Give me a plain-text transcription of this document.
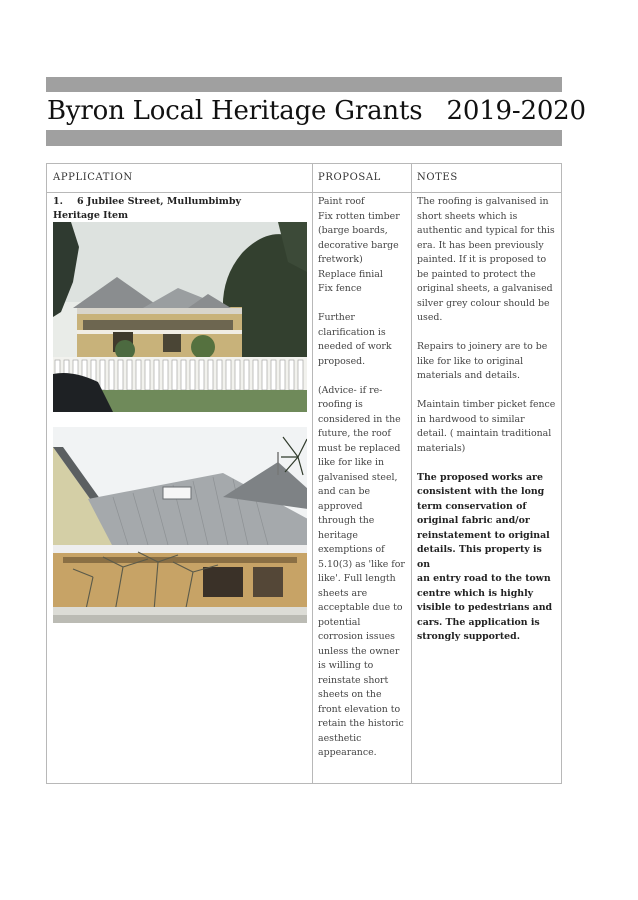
Byron Local Heritage Grants   2019-2020
APPLICATION	PROPOSAL	NOTES
1. 6 Jubilee Street, Mullumbimby
Heritage Item

Paint roof
Fix rotten timber
(barge boards,
decorative barge
fretwork)
Replace finial
Fix fence

Further
clarification is
needed of work
proposed.

(Advice- if re-
roofing is
considered in the
future, the roof
must be replaced
like for like in
galvanised steel,
and can be
approved
through the
heritage
exemptions of
5.10(3) as 'like for
like'. Full length
sheets are
acceptable due to
potential
corrosion issues
unless the owner
is willing to
reinstate short
sheets on the
front elevation to
retain the historic
aesthetic
appearance.

The roofing is galvanised in
short sheets which is
authentic and typical for this
era. It has been previously
painted. If it is proposed to
be painted to protect the
original sheets, a galvanised
silver grey colour should be
used.

Repairs to joinery are to be
like for like to original
materials and details.

Maintain timber picket fence
in hardwood to similar
detail. ( maintain traditional
materials)

The proposed works are
consistent with the long
term conservation of
original fabric and/or
reinstatement to original
details. This property is on
an entry road to the town
centre which is highly
visible to pedestrians and
cars. The application is
strongly supported.
